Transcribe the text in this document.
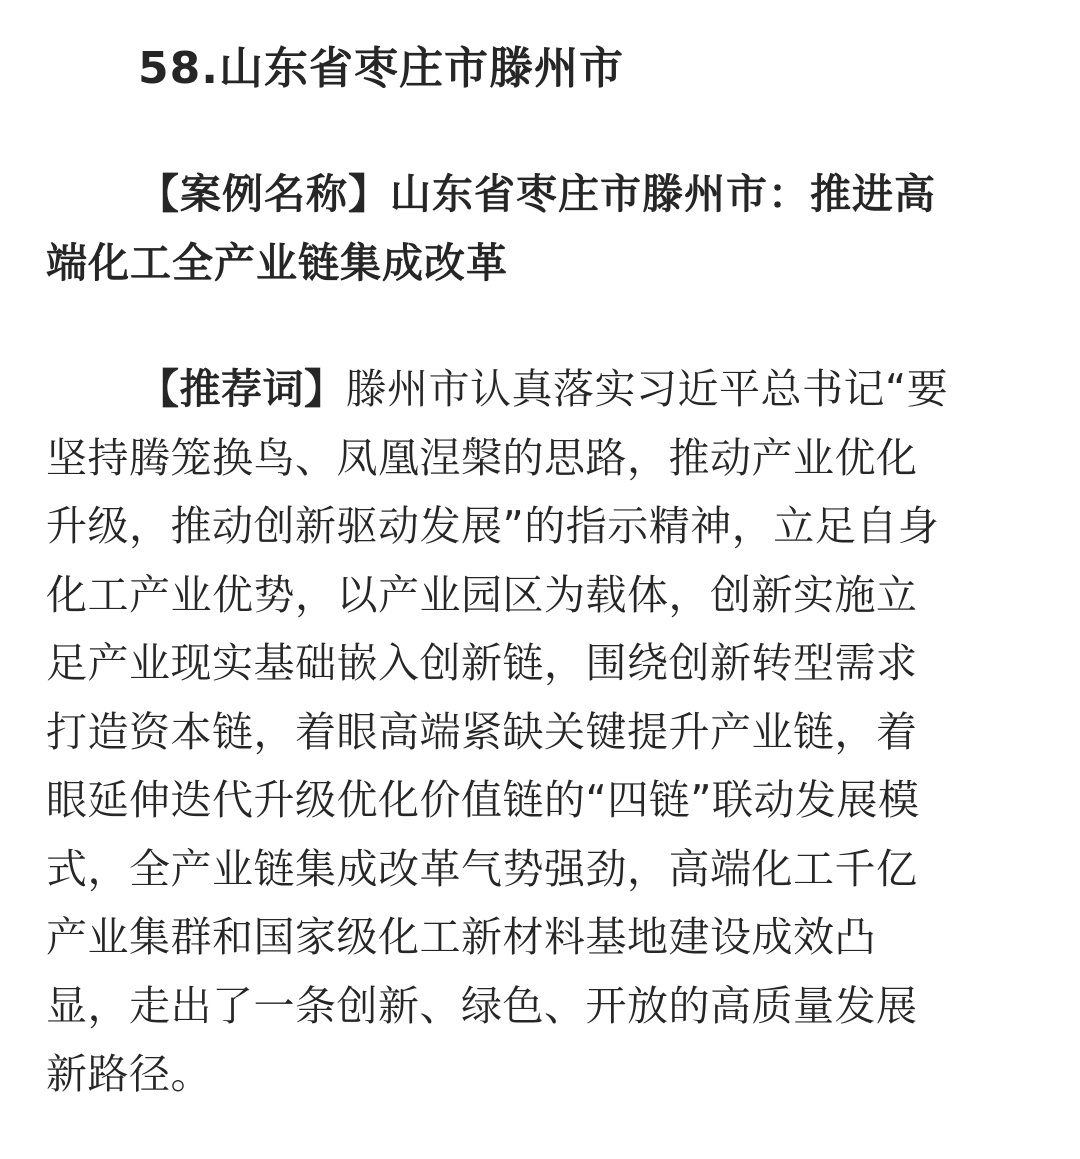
58.山东省枣庄市滕州市
【案例名称】山东省枣庄市滕州市：推进高
端化工全产业链集成改革
【推荐词】滕州市认真落实习近平总书记“要
坚持腾笼换鸟、凤凰涅槃的思路，推动产业优化
升级，推动创新驱动发展”的指示精神，立足自身
化工产业优势，以产业园区为载体，创新实施立
足产业现实基础嵌入创新链，围绕创新转型需求
打造资本链，着眼高端紧缺关键提升产业链，着
眼延伸迭代升级优化价值链的“四链”联动发展模
式，全产业链集成改革气势强劲，高端化工千亿
产业集群和国家级化工新材料基地建设成效凸
显，走出了一条创新、绿色、开放的高质量发展
新路径。
